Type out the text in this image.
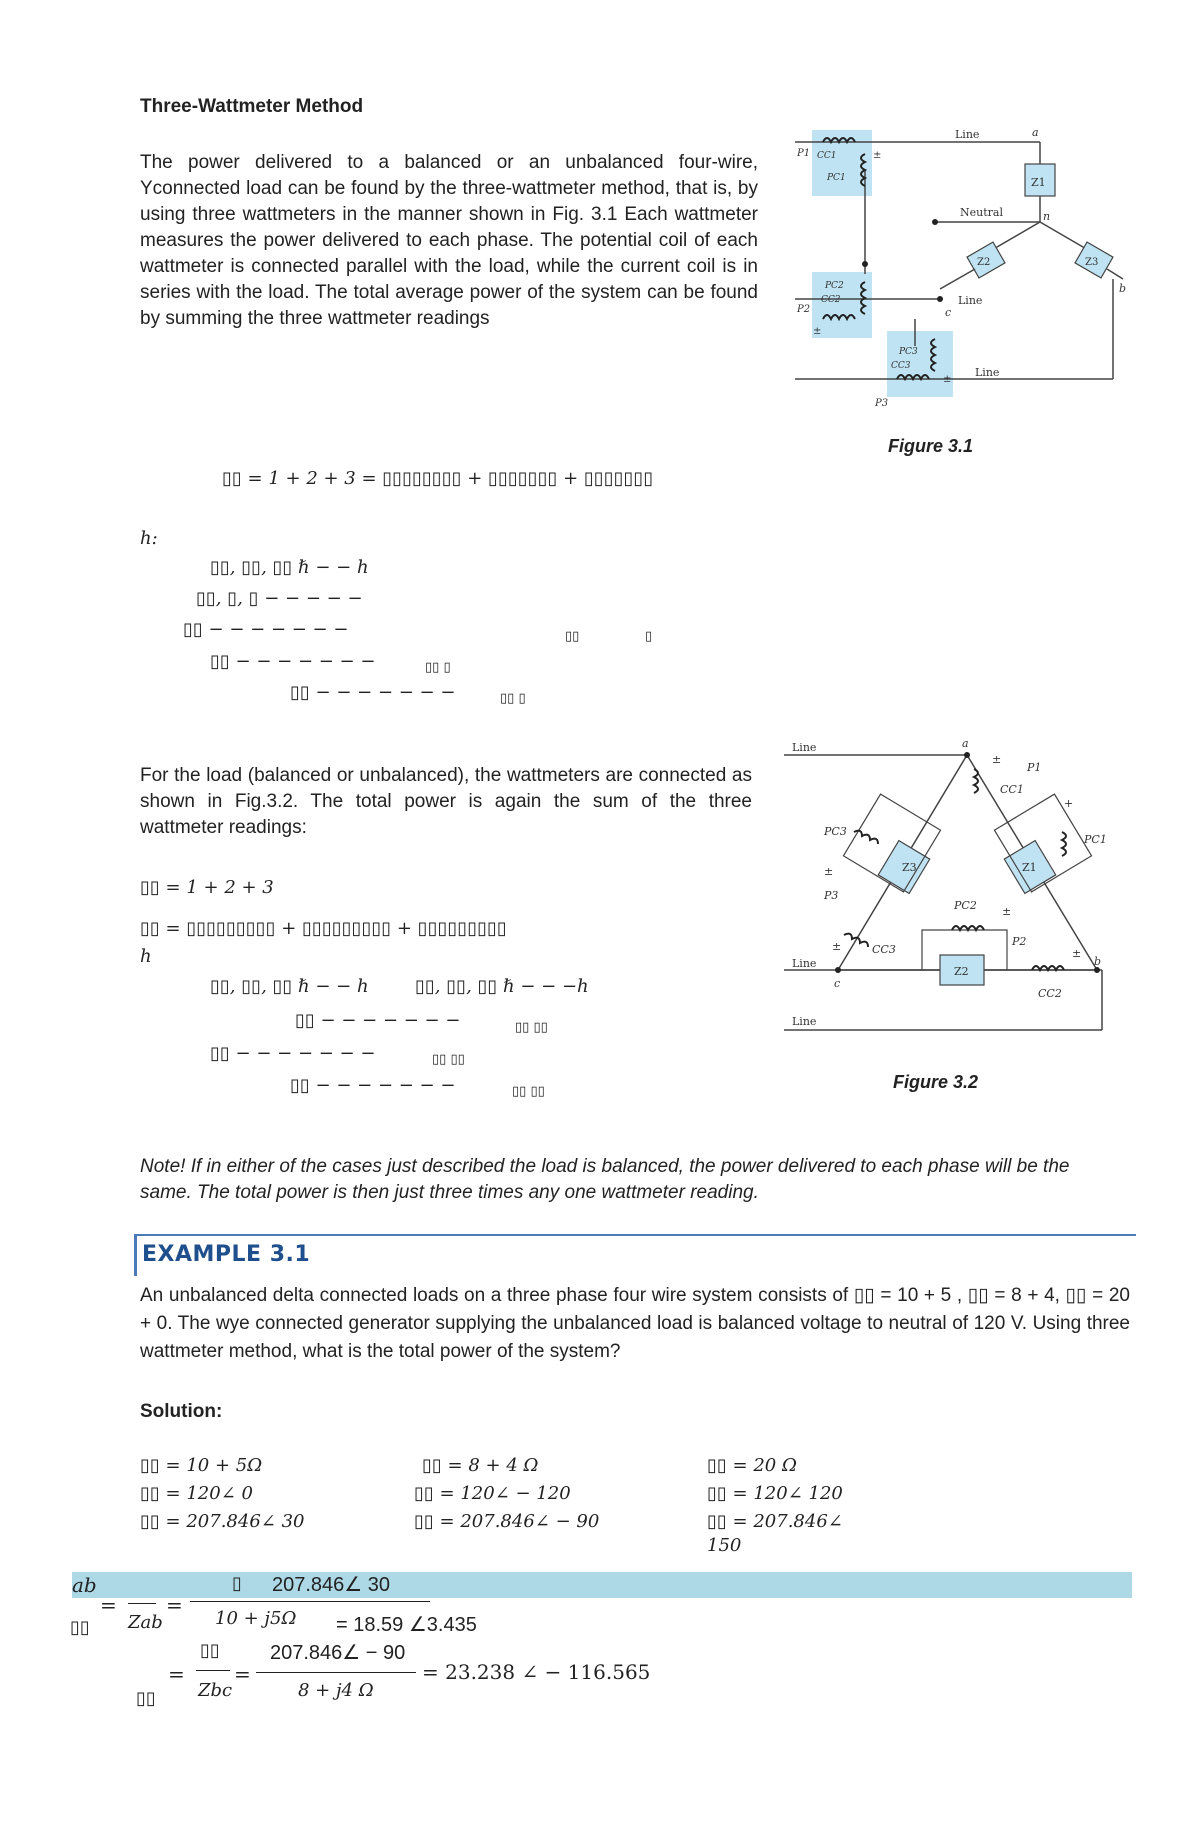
Three-Wattmeter Method
The power delivered to a balanced or an unbalanced four-wire, Yconnected load can be found by the three-wattmeter method, that is, by using three wattmeters in the manner shown in Fig. 3.1 Each wattmeter measures the power delivered to each phase. The potential coil of each wattmeter is connected parallel with the load, while the current coil is in series with the load. The total average power of the system can be found by summing the three wattmeter readings
Line
Line
Line
Neutral
Z1
Z2	Z3
a
n
c
b
P1
P2
P3
CC1
PC1
PC2
CC2
PC3
CC3
±
±
±
Figure 3.1
▯▯ = 1 + 2 + 3 = ▯▯▯▯▯▯▯▯ + ▯▯▯▯▯▯▯ + ▯▯▯▯▯▯▯
ℎ:
▯▯, ▯▯, ▯▯ ℏ − − ℎ
▯▯, ▯, ▯ − − − − −
▯▯ − − − − − − −
▯▯ − − − − − − −
▯▯ − − − − − − −
▯▯	▯
▯▯ ▯
▯▯ ▯
For the load (balanced or unbalanced), the wattmeters are connected as shown in Fig.3.2. The total power is again the sum of the three wattmeter readings:
▯▯ = 1 + 2 + 3
▯▯ = ▯▯▯▯▯▯▯▯▯ + ▯▯▯▯▯▯▯▯▯ + ▯▯▯▯▯▯▯▯▯
ℎ
▯▯, ▯▯, ▯▯ ℏ − − ℎ	▯▯, ▯▯, ▯▯ ℏ − − −ℎ
▯▯ − − − − − − −
▯▯ − − − − − − −
▯▯ − − − − − − −
▯▯ ▯▯
▯▯ ▯▯
▯▯ ▯▯
Line
Line
Line
a
c
b
Z3	Z1
Z2
P1
P2
P3
CC1
PC1
PC2
CC2
PC3
CC3
±
+
±
±
±
±
Figure 3.2
Note! If in either of the cases just described the load is balanced, the power delivered to each phase will be the same. The total power is then just three times any one wattmeter reading.
EXAMPLE 3.1
An unbalanced delta connected loads on a three phase four wire system consists of ▯▯ = 10 + 5 , ▯▯ = 8 + 4, ▯▯ = 20 + 0. The wye connected generator supplying the unbalanced load is balanced voltage to neutral of 120 V. Using three wattmeter method, what is the total power of the system?
Solution:
▯▯ = 10 + 5Ω	▯▯ = 8 + 4 Ω	▯▯ = 20 Ω
▯▯ = 120∠ 0	▯▯ = 120∠ − 120	▯▯ = 120∠ 120
▯▯ = 207.846∠ 30	▯▯ = 207.846∠ − 90	▯▯ = 207.846∠
150
ab
▯▯
=
Zab
=
▯ 207.846∠ 30
10 + j5Ω = 18.59 ∠3.435
▯▯
=
▯▯
Zbc
=
207.846∠ − 90
8 + j4 Ω
= 23.238 ∠ − 116.565
